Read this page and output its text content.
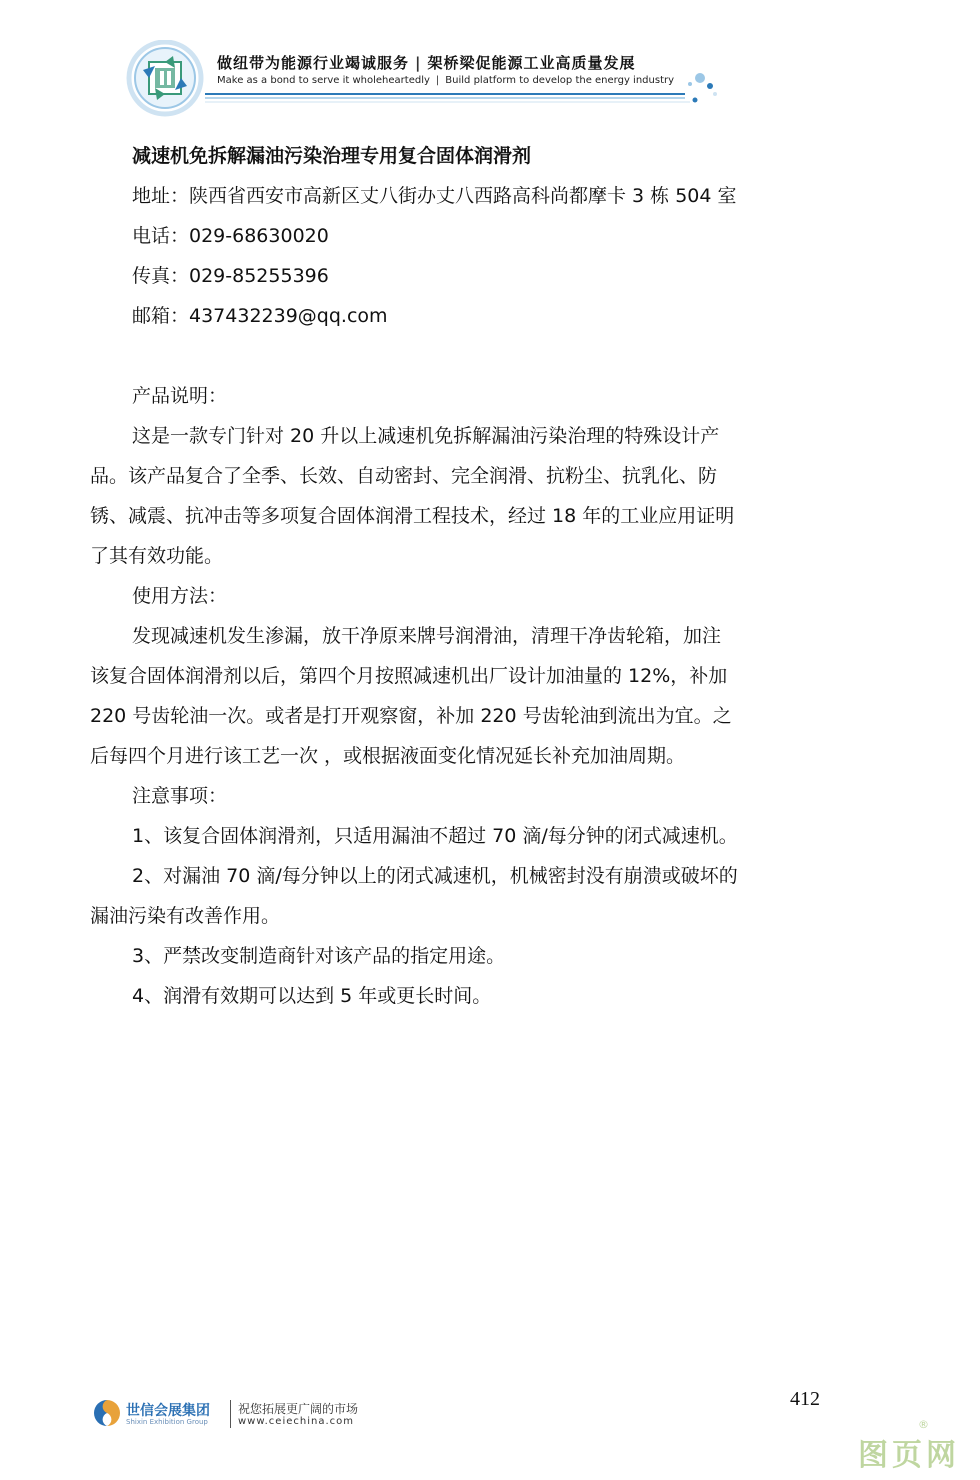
做纽带为能源行业竭诚服务 | 架桥梁促能源工业高质量发展
Make as a bond to serve it wholeheartedly | Build platform to develop the energy industry
减速机免拆解漏油污染治理专用复合固体润滑剂
地址：陕西省西安市高新区丈八街办丈八西路高科尚都摩卡 3 栋 504 室
电话：029-68630020
传真：029-85255396
邮箱：437432239@qq.com
产品说明：
这是一款专门针对 20 升以上减速机免拆解漏油污染治理的特殊设计产
品。该产品复合了全季、长效、自动密封、完全润滑、抗粉尘、抗乳化、防
锈、减震、抗冲击等多项复合固体润滑工程技术，经过 18 年的工业应用证明
了其有效功能。
使用方法：
发现减速机发生渗漏，放干净原来牌号润滑油，清理干净齿轮箱，加注
该复合固体润滑剂以后，第四个月按照减速机出厂设计加油量的 12%，补加
220 号齿轮油一次。或者是打开观察窗，补加 220 号齿轮油到流出为宜。之
后每四个月进行该工艺一次 ，或根据液面变化情况延长补充加油周期。
注意事项：
1、该复合固体润滑剂，只适用漏油不超过 70 滴/每分钟的闭式减速机。
2、对漏油 70 滴/每分钟以上的闭式减速机，机械密封没有崩溃或破坏的
漏油污染有改善作用。
3、严禁改变制造商针对该产品的指定用途。
4、润滑有效期可以达到 5 年或更长时间。
世信会展集团
Shixin Exhibition Group
祝您拓展更广阔的市场
www.ceiechina.com
412
图页网
®
